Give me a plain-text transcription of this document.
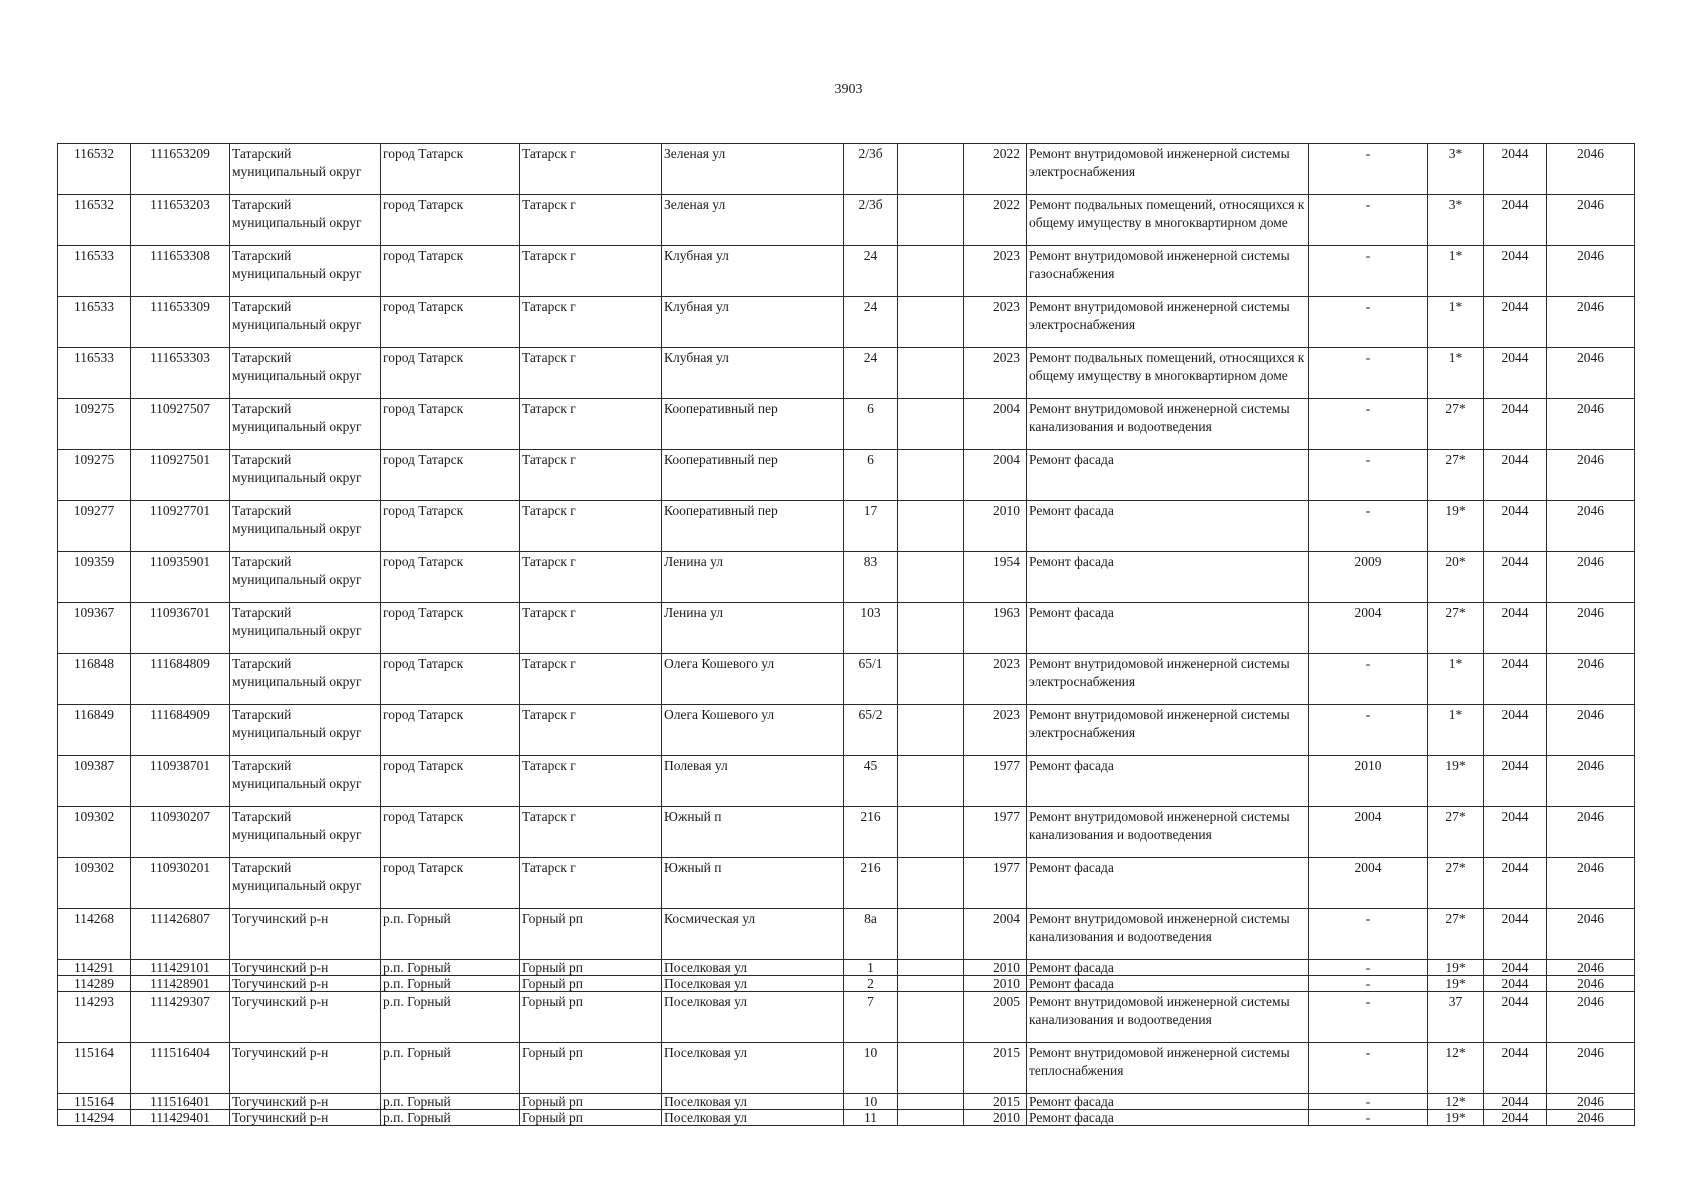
3903
116532	111653209	Татарский муниципальный округ	город Татарск	Татарск г	Зеленая ул	2/3б		2022	Ремонт внутридомовой инженерной системы электроснабжения	-	3*	2044	2046
116532	111653203	Татарский муниципальный округ	город Татарск	Татарск г	Зеленая ул	2/3б		2022	Ремонт подвальных помещений, относящихся к общему имуществу в многоквартирном доме	-	3*	2044	2046
116533	111653308	Татарский муниципальный округ	город Татарск	Татарск г	Клубная ул	24		2023	Ремонт внутридомовой инженерной системы газоснабжения	-	1*	2044	2046
116533	111653309	Татарский муниципальный округ	город Татарск	Татарск г	Клубная ул	24		2023	Ремонт внутридомовой инженерной системы электроснабжения	-	1*	2044	2046
116533	111653303	Татарский муниципальный округ	город Татарск	Татарск г	Клубная ул	24		2023	Ремонт подвальных помещений, относящихся к общему имуществу в многоквартирном доме	-	1*	2044	2046
109275	110927507	Татарский муниципальный округ	город Татарск	Татарск г	Кооперативный пер	6		2004	Ремонт внутридомовой инженерной системы канализования и водоотведения	-	27*	2044	2046
109275	110927501	Татарский муниципальный округ	город Татарск	Татарск г	Кооперативный пер	6		2004	Ремонт фасада	-	27*	2044	2046
109277	110927701	Татарский муниципальный округ	город Татарск	Татарск г	Кооперативный пер	17		2010	Ремонт фасада	-	19*	2044	2046
109359	110935901	Татарский муниципальный округ	город Татарск	Татарск г	Ленина ул	83		1954	Ремонт фасада	2009	20*	2044	2046
109367	110936701	Татарский муниципальный округ	город Татарск	Татарск г	Ленина ул	103		1963	Ремонт фасада	2004	27*	2044	2046
116848	111684809	Татарский муниципальный округ	город Татарск	Татарск г	Олега Кошевого ул	65/1		2023	Ремонт внутридомовой инженерной системы электроснабжения	-	1*	2044	2046
116849	111684909	Татарский муниципальный округ	город Татарск	Татарск г	Олега Кошевого ул	65/2		2023	Ремонт внутридомовой инженерной системы электроснабжения	-	1*	2044	2046
109387	110938701	Татарский муниципальный округ	город Татарск	Татарск г	Полевая ул	45		1977	Ремонт фасада	2010	19*	2044	2046
109302	110930207	Татарский муниципальный округ	город Татарск	Татарск г	Южный п	216		1977	Ремонт внутридомовой инженерной системы канализования и водоотведения	2004	27*	2044	2046
109302	110930201	Татарский муниципальный округ	город Татарск	Татарск г	Южный п	216		1977	Ремонт фасада	2004	27*	2044	2046
114268	111426807	Тогучинский р-н	р.п. Горный	Горный рп	Космическая ул	8а		2004	Ремонт внутридомовой инженерной системы канализования и водоотведения	-	27*	2044	2046
114291	111429101	Тогучинский р-н	р.п. Горный	Горный рп	Поселковая ул	1		2010	Ремонт фасада	-	19*	2044	2046
114289	111428901	Тогучинский р-н	р.п. Горный	Горный рп	Поселковая ул	2		2010	Ремонт фасада	-	19*	2044	2046
114293	111429307	Тогучинский р-н	р.п. Горный	Горный рп	Поселковая ул	7		2005	Ремонт внутридомовой инженерной системы канализования и водоотведения	-	37	2044	2046
115164	111516404	Тогучинский р-н	р.п. Горный	Горный рп	Поселковая ул	10		2015	Ремонт внутридомовой инженерной системы теплоснабжения	-	12*	2044	2046
115164	111516401	Тогучинский р-н	р.п. Горный	Горный рп	Поселковая ул	10		2015	Ремонт фасада	-	12*	2044	2046
114294	111429401	Тогучинский р-н	р.п. Горный	Горный рп	Поселковая ул	11		2010	Ремонт фасада	-	19*	2044	2046
